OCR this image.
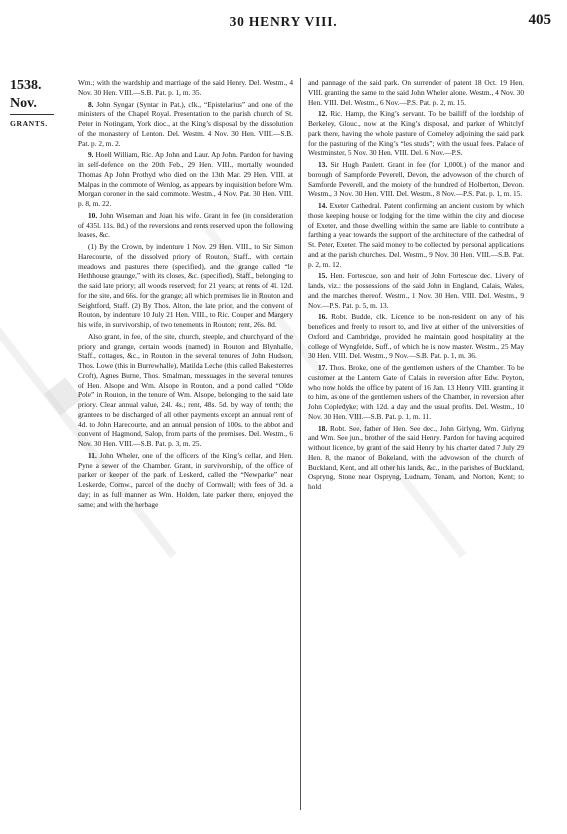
■
30 HENRY VIII.	405
1538.
Nov.
GRANTS.

Wm.; with the wardship and marriage of the said Henry. Del. Westm., 4 Nov. 30 Hen. VIII.—S.B. Pat. p. 1, m. 35.

8. John Syngar (Syntar in Pat.), clk., “Epistelarius” and one of the ministers of the Chapel Royal. Presentation to the parish church of St. Peter in Notingam, York dioc., at the King’s disposal by the dissolution of the monastery of Lenton. Del. Westm. 4 Nov. 30 Hen. VIII.—S.B. Pat. p. 2, m. 2.

9. Hoell William, Ric. Ap John and Laur. Ap John. Pardon for having in self-defence on the 20th Feb., 29 Hen. VIII., mortally wounded Thomas Ap John Prothyd who died on the 13th Mar. 29 Hen. VIII. at Malpas in the commote of Wenlog, as appears by inquisition before Wm. Morgan coroner in the said commote. Westm., 4 Nov. Pat. 30 Hen. VIII. p. 8, m. 22.

10. John Wiseman and Joan his wife. Grant in fee (in consideration of 435l. 11s. 8d.) of the reversions and rents reserved upon the following leases, &c.

(1) By the Crown, by indenture 1 Nov. 29 Hen. VIII., to Sir Simon Harecourte, of the dissolved priory of Routon, Staff., with certain meadows and pastures there (specified), and the grange called “le Hethhouse graunge,” with its closes, &c. (specified), Staff., belonging to the said late priory; all woods reserved; for 21 years; at rents of 4l. 12d. for the site, and 66s. for the grange; all which premises lie in Routon and Seightford, Staff. (2) By Thos. Alton, the late prior, and the convent of Routon, by indenture 10 July 21 Hen. VIII., to Ric. Couper and Margery his wife, in survivorship, of two tenements in Routon; rent, 26s. 8d.

Also grant, in fee, of the site, church, steeple, and churchyard of the priory and grange, certain woods (named) in Routon and Blynhalle, Staff., cottages, &c., in Routon in the several tenures of John Hudson, Thos. Lowe (this in Burrewhalle), Matilda Leche (this called Bakesterres Croft), Agnes Burne, Thos. Smalman, messuages in the several tenures of Hen. Alsope and Wm. Alsope in Routon, and a pond called “Olde Pole” in Routon, in the tenure of Wm. Alsope, belonging to the said late priory. Clear annual value, 24l. 4s.; rent, 48s. 5d. by way of tenth; the grantees to be discharged of all other payments except an annual rent of 4d. to John Harecourte, and an annual pension of 100s. to the abbot and convent of Hagmond, Salop, from parts of the premises. Del. Westm., 6 Nov. 30 Hen. VIII.—S.B. Pat. p. 3, m. 25.

11. John Wheler, one of the officers of the King’s cellar, and Hen. Pyne a sewer of the Chamber. Grant, in survivorship, of the office of parker or keeper of the park of Leskerd, called the “Newparke” near Leskerde, Cornw., parcel of the duchy of Cornwall; with fees of 3d. a day; in as full manner as Wm. Holden, late parker there, enjoyed the same; and with the herbage

and pannage of the said park. On surrender of patent 18 Oct. 19 Hen. VIII. granting the same to the said John Wheler alone. Westm., 4 Nov. 30 Hen. VIII. Del. Westm., 6 Nov.—P.S. Pat. p. 2, m. 15.

12. Ric. Hamp, the King’s servant. To be bailiff of the lordship of Berkeley, Glouc., now at the King’s disposal, and parker of Whitclyf park there, having the whole pasture of Comeley adjoining the said park for the pasturing of the King’s “les studs”; with the usual fees. Palace of Westminster, 5 Nov. 30 Hen. VIII. Del. 6 Nov.—P.S.

13. Sir Hugh Paulett. Grant in fee (for 1,000l.) of the manor and borough of Sampforde Peverell, Devon, the advowson of the church of Samforde Peverell, and the moiety of the hundred of Holberton, Devon. Westm., 3 Nov. 30 Hen. VIII. Del. Westm., 8 Nov.—P.S. Pat. p. 1, m. 15.

14. Exeter Cathedral. Patent confirming an ancient custom by which those keeping house or lodging for the time within the city and diocese of Exeter, and those dwelling within the same are liable to contribute a farthing a year towards the support of the architecture of the cathedral of St. Peter, Exeter. The said money to be collected by personal applications and at the parish churches. Del. Westm., 9 Nov. 30 Hen. VIII.—S.B. Pat. p. 2, m. 12.

15. Hen. Fortescue, son and heir of John Fortescue dec. Livery of lands, viz.: the possessions of the said John in England, Calais, Wales, and the marches thereof. Westm., 1 Nov. 30 Hen. VIII. Del. Westm., 9 Nov.—P.S. Pat. p. 5, m. 13.

16. Robt. Budde, clk. Licence to be non-resident on any of his benefices and freely to resort to, and live at either of the universities of Oxford and Cambridge, provided he maintain good hospitality at the college of Wyngfelde, Suff., of which he is now master. Westm., 25 May 30 Hen. VIII. Del. Westm., 9 Nov.—S.B. Pat. p. 1, m. 36.

17. Thos. Broke, one of the gentlemen ushers of the Chamber. To be customer at the Lantern Gate of Calais in reversion after Edw. Peyton, who now holds the office by patent of 16 Jan. 13 Henry VIII. granting it to him, as one of the gentlemen ushers of the Chamber, in reversion after John Copledyke; with 12d. a day and the usual profits. Del. Westm., 10 Nov. 30 Hen. VIII.—S.B. Pat. p. 1, m. 11.

18. Robt. See, father of Hen. See dec., John Girlyng, Wm. Girlyng and Wm. See jun., brother of the said Henry. Pardon for having acquired without licence, by grant of the said Henry by his charter dated 7 July 29 Hen. 8, the manor of Bokeland, with the advowson of the church of Buckland, Kent, and all other his lands, &c., in the parishes of Buckland, Ospryng, Stone near Ospryng, Ludnam, Tenam, and Norton, Kent; to hold
